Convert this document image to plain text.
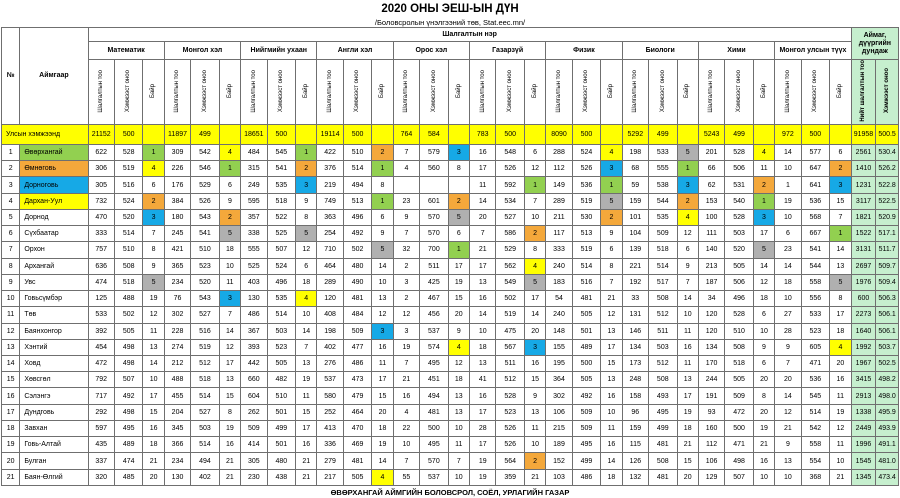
2020 ОНЫ ЭЕШ-ЫН ДҮН
/Боловсролын үнэлгээний төв, Stat.eec.mn/
№	Аймгаар	Шалгалтын нэр																														Аймаг, дүүргийн дундаж	
		Математик			Монгол хэл			Нийгмийн ухаан			Англи хэл			Орос хэл			Газарзүй			Физик			Биологи			Хими			Монгол улсын түүх				
		Шалгалтын тоо	Хэмжээст оноо	Байр	Шалгалтын тоо	Хэмжээст оноо	Байр	Шалгалтын тоо	Хэмжээст оноо	Байр	Шалгалтын тоо	Хэмжээст оноо	Байр	Шалгалтын тоо	Хэмжээст оноо	Байр	Шалгалтын тоо	Хэмжээст оноо	Байр	Шалгалтын тоо	Хэмжээст оноо	Байр	Шалгалтын тоо	Хэмжээст оноо	Байр	Шалгалтын тоо	Хэмжээст оноо	Байр	Шалгалтын тоо	Хэмжээст оноо	Байр	Нийт шалгалтын тоо	Хэмжээст оноо
Улсын хэмжээнд		21152	500		11897	499		18651	500		19114	500		764	584		783	500		8090	500		5292	499		5243	499		972	500		91958	500.5
1	Өвөрхангай	622	528	1	309	542	4	484	545	1	422	510	2	7	579	3	16	548	6	288	524	4	198	533	5	201	528	4	14	577	6	2561	530.4
2	Өмнөговь	306	519	4	226	546	1	315	541	2	376	514	1	4	560	8	17	526	12	112	526	3	68	555	1	66	506	11	10	647	2	1410	526.2
3	Дорноговь	305	516	6	176	529	6	249	535	3	219	494	8				11	592	1	149	536	1	59	538	3	62	531	2	1	641	3	1231	522.8
4	Дархан-Уул	732	524	2	384	526	9	595	518	9	749	513	1	23	601	2	14	534	7	289	519	5	159	544	2	153	540	1	19	536	15	3117	522.5
5	Дорнод	470	520	3	180	543	2	357	522	8	363	496	6	9	570	5	20	527	10	211	530	2	101	535	4	100	528	3	10	568	7	1821	520.9
6	Сүхбаатар	333	514	7	245	541	5	338	525	5	254	492	9	7	570	6	7	586	2	117	513	9	104	509	12	111	503	17	6	667	1	1522	517.1
7	Орхон	757	510	8	421	510	18	555	507	12	710	502	5	32	700	1	21	529	8	333	519	6	139	518	6	140	520	5	23	541	14	3131	511.7
8	Архангай	636	508	9	365	523	10	525	524	6	464	480	14	2	511	17	17	562	4	240	514	8	221	514	9	213	505	14	14	544	13	2697	509.7
9	Увс	474	518	5	234	520	11	403	496	18	289	490	10	3	425	19	13	549	5	183	516	7	192	517	7	187	506	12	18	558	5	1976	509.4
10	Говьсүмбэр	125	488	19	76	543	3	130	535	4	120	481	13	2	467	15	16	502	17	54	481	21	33	508	14	34	496	18	10	556	8	600	506.3
11	Төв	533	502	12	302	527	7	486	514	10	408	484	12	12	456	20	14	519	14	240	505	12	131	512	10	120	528	6	27	533	17	2273	506.1
12	Баянхонгор	392	505	11	228	516	14	367	503	14	198	509	3	3	537	9	10	475	20	148	501	13	146	511	11	120	510	10	28	523	18	1640	506.1
13	Хэнтий	454	498	13	274	519	12	393	523	7	402	477	16	19	574	4	18	567	3	155	489	17	134	503	16	134	508	9	9	605	4	1992	503.7
14	Ховд	472	498	14	212	512	17	442	505	13	276	486	11	7	495	12	13	511	16	195	500	15	173	512	11	170	518	6	7	471	20	1967	502.5
15	Хөвсгөл	792	507	10	488	518	13	660	482	19	537	473	17	21	451	18	41	512	15	364	505	13	248	508	13	244	505	20	20	536	16	3415	498.2
16	Сэлэнгэ	717	492	17	455	514	15	604	510	11	580	479	15	16	494	13	16	528	9	302	492	16	158	493	17	191	509	8	14	545	11	2913	498.0
17	Дундговь	292	498	15	204	527	8	262	501	15	252	464	20	4	481	13	17	523	13	106	509	10	96	495	19	93	472	20	12	514	19	1338	495.9
18	Завхан	597	495	16	345	503	19	509	499	17	413	470	18	22	500	10	28	526	11	215	509	11	159	499	18	160	500	19	21	542	12	2449	493.9
19	Говь-Алтай	435	489	18	366	514	16	414	501	16	336	469	19	10	495	11	17	526	10	189	495	16	115	481	21	112	471	21	9	558	11	1996	491.1
20	Булган	337	474	21	234	494	21	305	480	21	279	481	14	7	570	7	19	564	2	152	499	14	126	508	15	106	498	16	13	554	10	1545	481.0
21	Баян-Өлгий	320	485	20	130	402	21	230	438	21	217	505	4	55	537	10	19	359	21	103	486	18	132	481	20	129	507	10	10	368	21	1345	473.4
ӨВӨРХАНГАЙ АЙМГИЙН БОЛОВСРОЛ, СОЁЛ, УРЛАГИЙН ГАЗАР
